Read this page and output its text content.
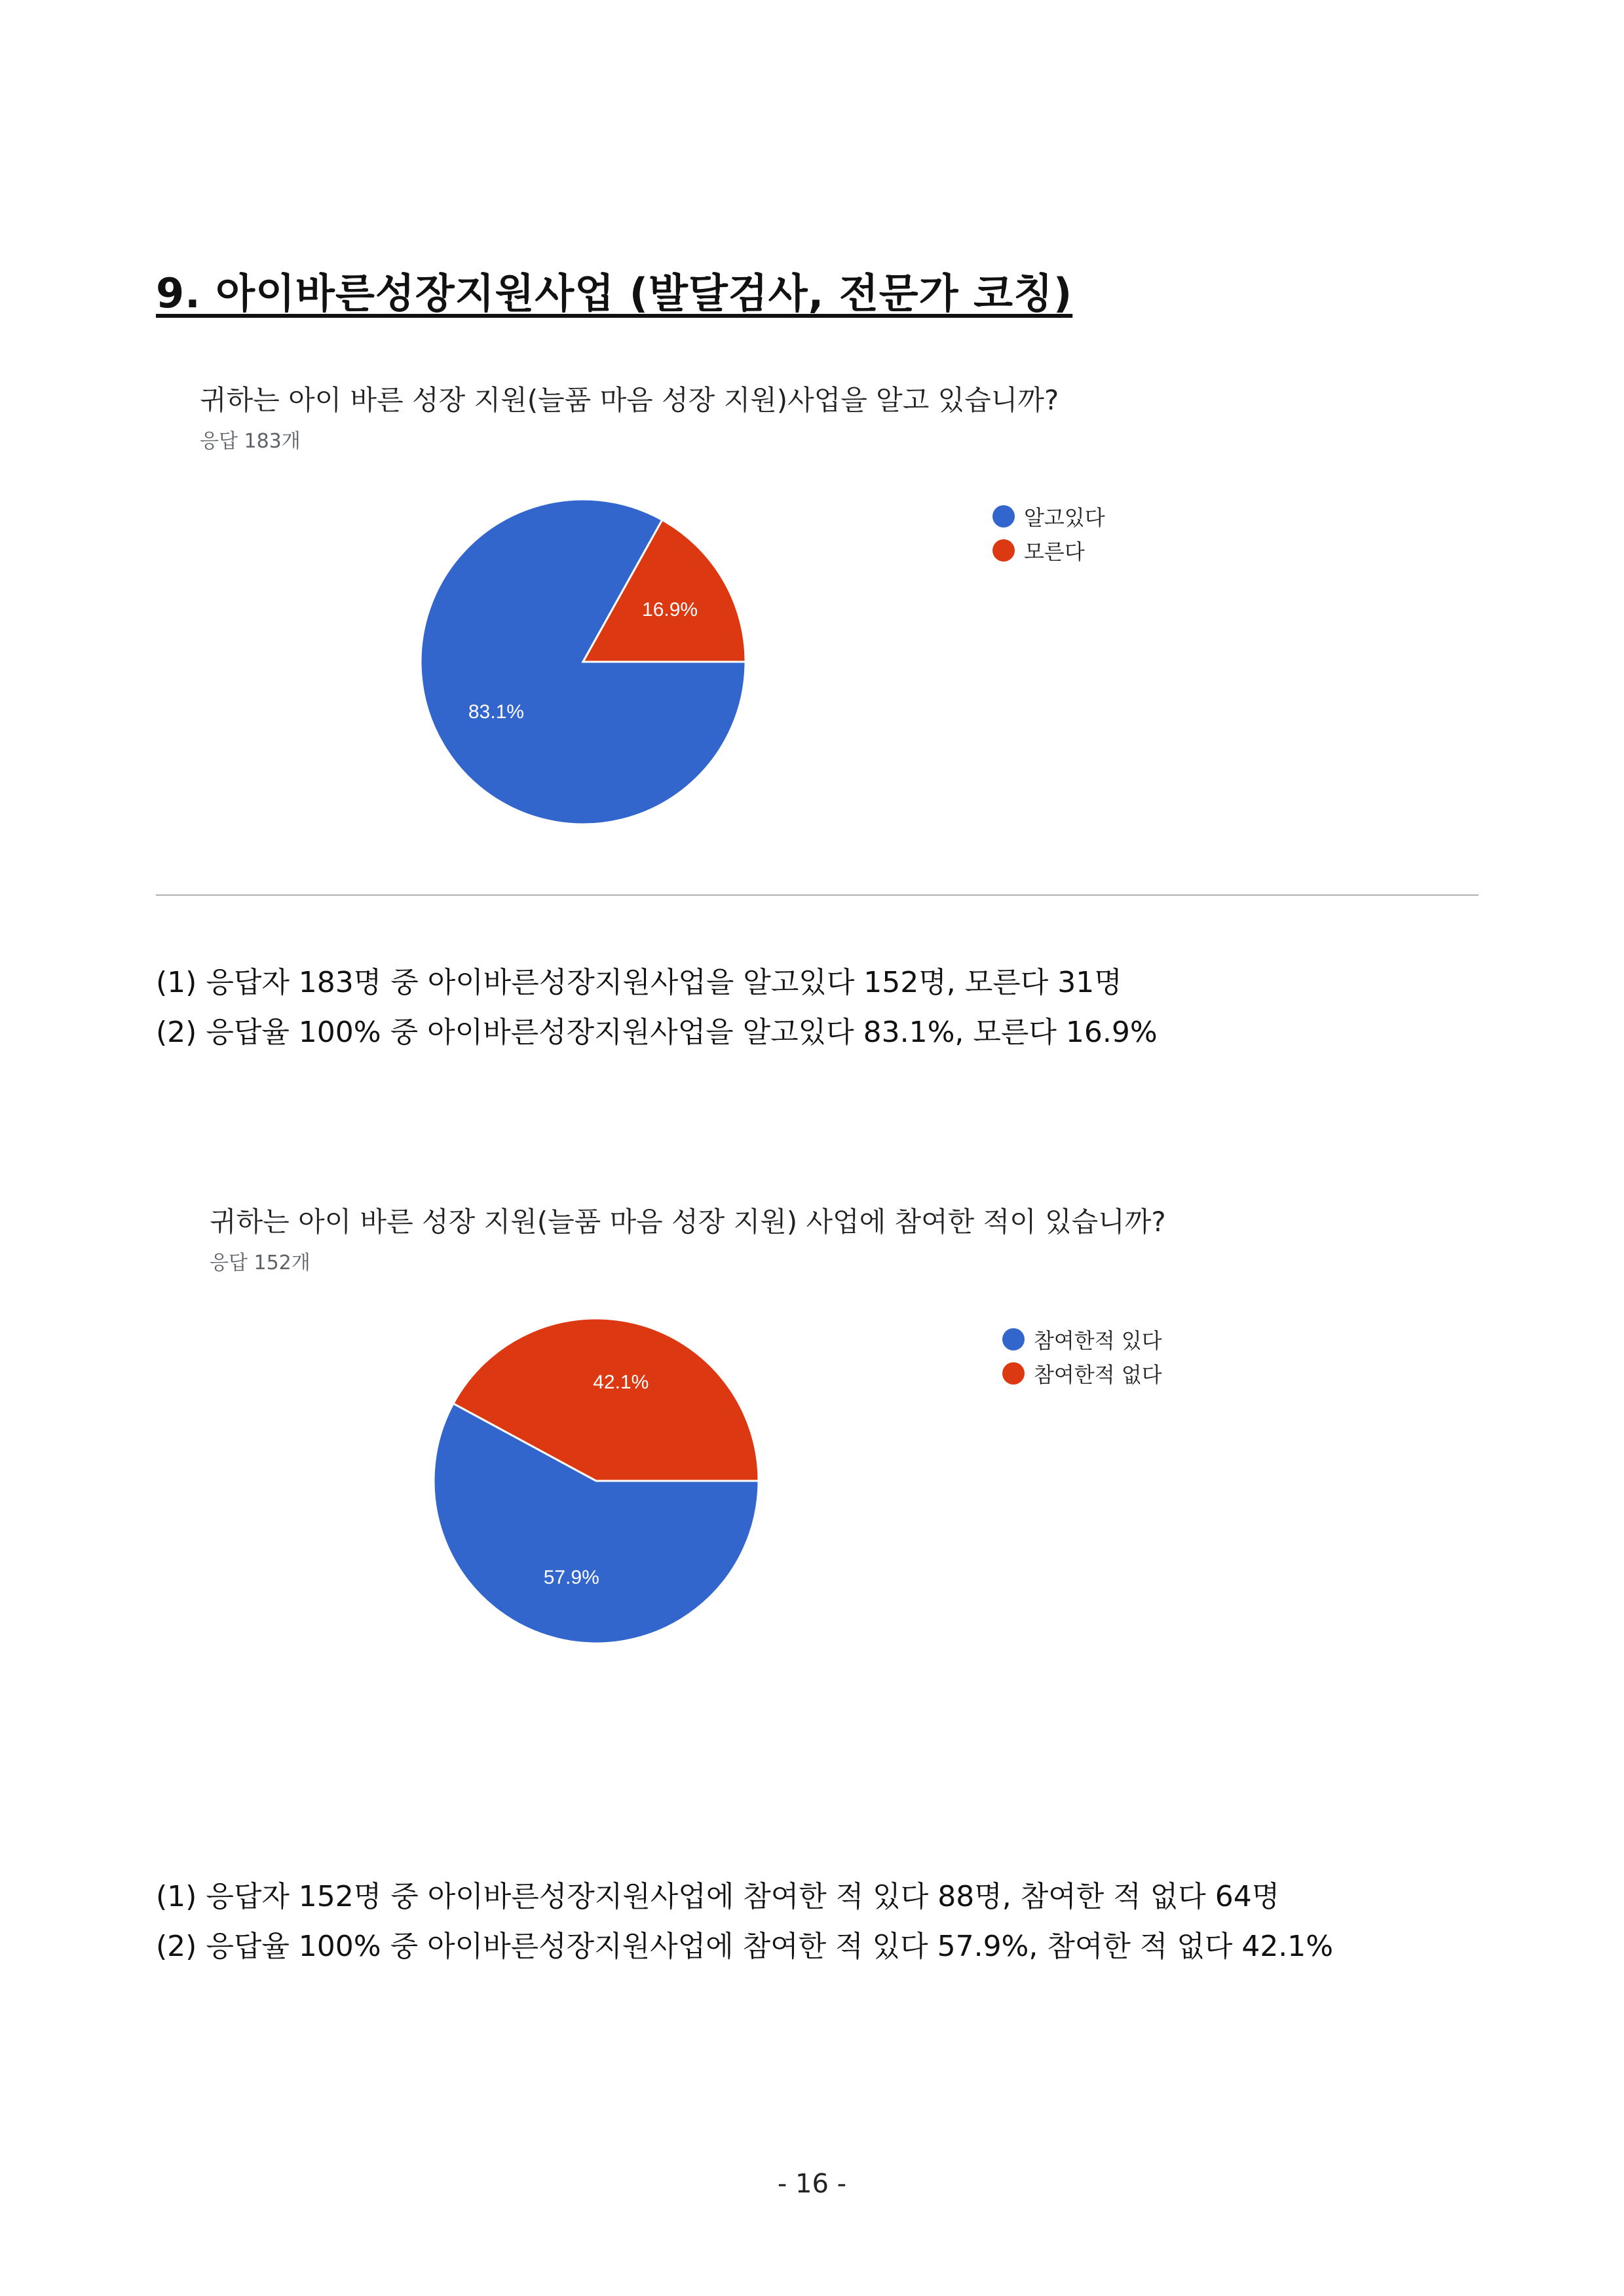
9. 아이바른성장지원사업 (발달검사, 전문가 코칭)
귀하는 아이 바른 성장 지원(늘품 마음 성장 지원)사업을 알고 있습니까?
응답 183개
83.1%
16.9%
알고있다
모른다
(1) 응답자 183명 중 아이바른성장지원사업을 알고있다 152명, 모른다 31명
(2) 응답율 100% 중 아이바른성장지원사업을 알고있다 83.1%, 모른다 16.9%
귀하는 아이 바른 성장 지원(늘품 마음 성장 지원) 사업에 참여한 적이 있습니까?
응답 152개
57.9%
42.1%
참여한적 있다
참여한적 없다
(1) 응답자 152명 중 아이바른성장지원사업에 참여한 적 있다 88명, 참여한 적 없다 64명
(2) 응답율 100% 중 아이바른성장지원사업에 참여한 적 있다 57.9%, 참여한 적 없다 42.1%
- 16 -
